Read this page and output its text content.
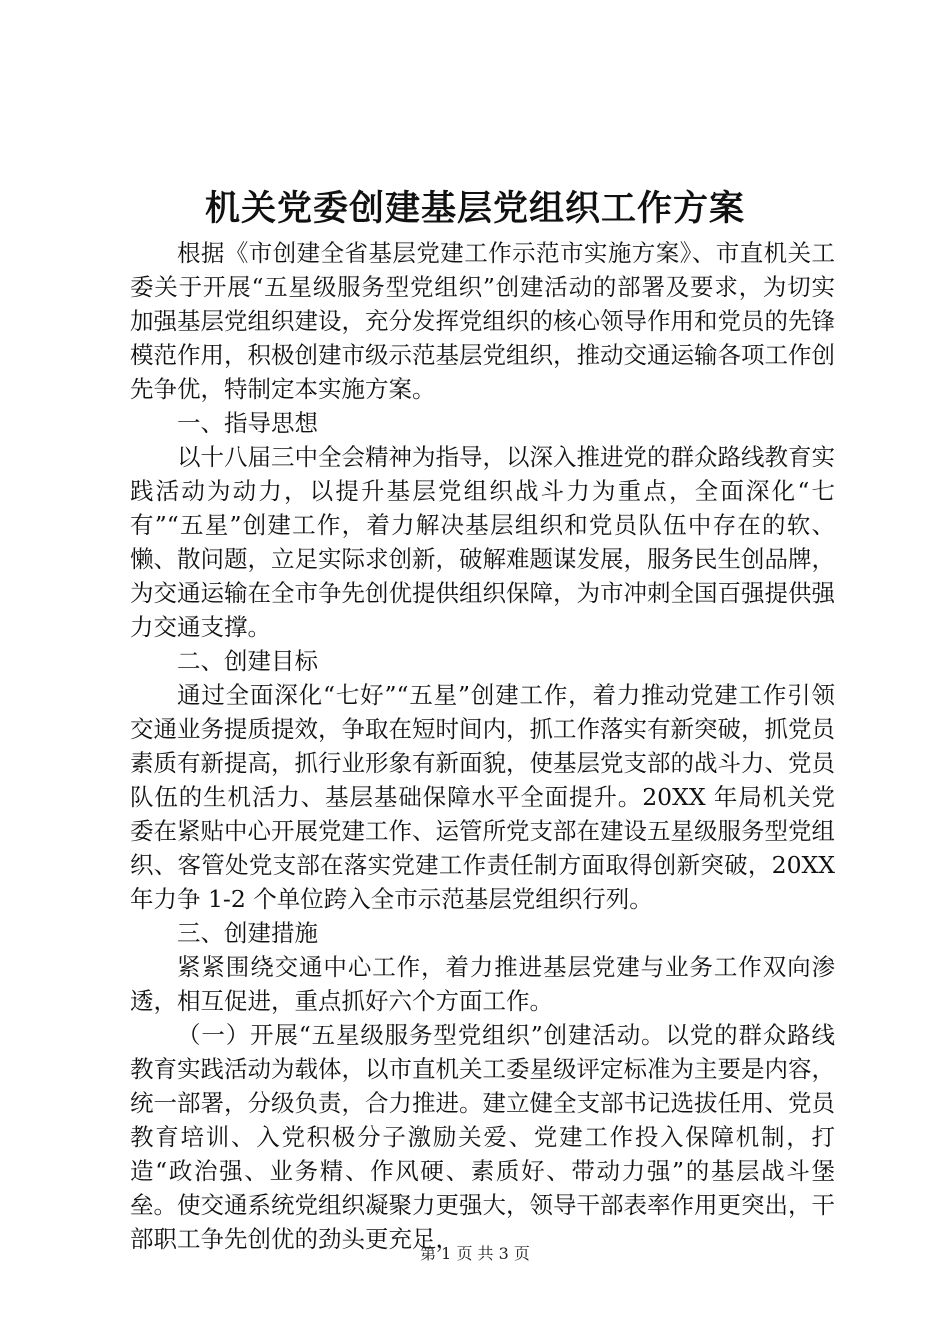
机关党委创建基层党组织工作方案

根据《市创建全省基层党建工作示范市实施方案》、市直机关工委关于开展“五星级服务型党组织”创建活动的部署及要求，为切实加强基层党组织建设，充分发挥党组织的核心领导作用和党员的先锋模范作用，积极创建市级示范基层党组织，推动交通运输各项工作创先争优，特制定本实施方案。

一、指导思想

以十八届三中全会精神为指导，以深入推进党的群众路线教育实践活动为动力，以提升基层党组织战斗力为重点，全面深化“七有”“五星”创建工作，着力解决基层组织和党员队伍中存在的软、懒、散问题，立足实际求创新，破解难题谋发展，服务民生创品牌，为交通运输在全市争先创优提供组织保障，为市冲刺全国百强提供强力交通支撑。

二、创建目标

通过全面深化“七好”“五星”创建工作，着力推动党建工作引领交通业务提质提效，争取在短时间内，抓工作落实有新突破，抓党员素质有新提高，抓行业形象有新面貌，使基层党支部的战斗力、党员队伍的生机活力、基层基础保障水平全面提升。20XX 年局机关党委在紧贴中心开展党建工作、运管所党支部在建设五星级服务型党组织、客管处党支部在落实党建工作责任制方面取得创新突破，20XX 年力争 1-2 个单位跨入全市示范基层党组织行列。

三、创建措施

紧紧围绕交通中心工作，着力推进基层党建与业务工作双向渗透，相互促进，重点抓好六个方面工作。

（一）开展“五星级服务型党组织”创建活动。以党的群众路线教育实践活动为载体，以市直机关工委星级评定标准为主要是内容，统一部署，分级负责，合力推进。建立健全支部书记选拔任用、党员教育培训、入党积极分子激励关爱、党建工作投入保障机制，打造“政治强、业务精、作风硬、素质好、带动力强”的基层战斗堡垒。使交通系统党组织凝聚力更强大，领导干部表率作用更突出，干部职工争先创优的劲头更充足，

第 1 页 共 3 页
